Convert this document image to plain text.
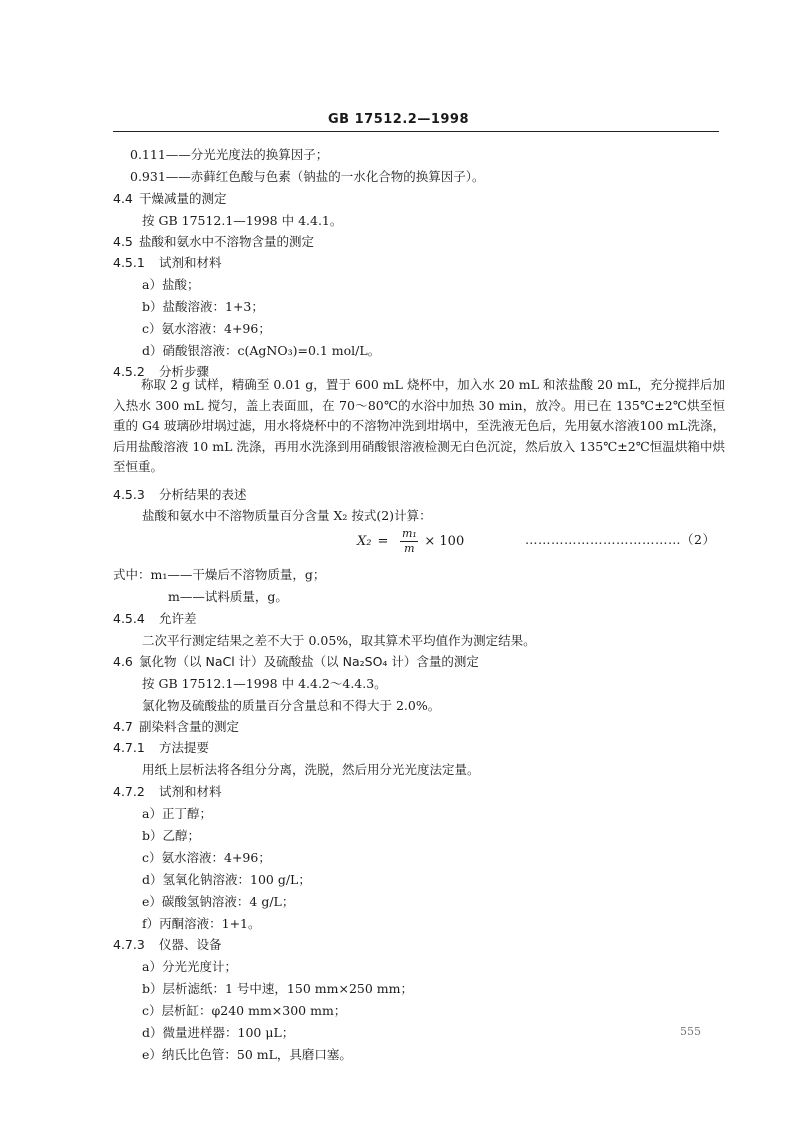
GB 17512.2—1998
0.111——分光光度法的换算因子；
0.931——赤藓红色酸与色素（钠盐的一水化合物的换算因子）。
4.4 干燥减量的测定
按 GB 17512.1—1998 中 4.4.1。
4.5 盐酸和氨水中不溶物含量的测定
4.5.1 试剂和材料
a）盐酸；
b）盐酸溶液：1+3；
c）氨水溶液：4+96；
d）硝酸银溶液：c(AgNO₃)=0.1 mol/L。
4.5.2 分析步骤
4.5.3 分析结果的表述
盐酸和氨水中不溶物质量百分含量 X₂ 按式(2)计算：
式中：m₁——干燥后不溶物质量，g；
m——试料质量，g。
4.5.4 允许差
二次平行测定结果之差不大于 0.05%，取其算术平均值作为测定结果。
4.6 氯化物（以 NaCl 计）及硫酸盐（以 Na₂SO₄ 计）含量的测定
按 GB 17512.1—1998 中 4.4.2～4.4.3。
氯化物及硫酸盐的质量百分含量总和不得大于 2.0%。
4.7 副染料含量的测定
4.7.1 方法提要
用纸上层析法将各组分分离，洗脱，然后用分光光度法定量。
4.7.2 试剂和材料
a）正丁醇；
b）乙醇；
c）氨水溶液：4+96；
d）氢氧化钠溶液：100 g/L；
e）碳酸氢钠溶液：4 g/L；
f）丙酮溶液：1+1。
4.7.3 仪器、设备
a）分光光度计；
b）层析滤纸：1 号中速，150 mm×250 mm；
c）层析缸：φ240 mm×300 mm；
d）微量进样器：100 μL；
e）纳氏比色管：50 mL，具磨口塞。
称取 2 g 试样，精确至 0.01 g，置于 600 mL 烧杯中，加入水 20 mL 和浓盐酸 20 mL，充分搅拌后加入热水 300 mL 搅匀，盖上表面皿，在 70～80℃的水浴中加热 30 min，放冷。用已在 135℃±2℃烘至恒重的 G4 玻璃砂坩埚过滤，用水将烧杯中的不溶物冲洗到坩埚中，至洗液无色后，先用氨水溶液100 mL洗涤，后用盐酸溶液 10 mL 洗涤，再用水洗涤到用硝酸银溶液检测无白色沉淀，然后放入 135℃±2℃恒温烘箱中烘至恒重。
$X_2 = \frac{\text{m₁}}{m} \times 100$	………………………………（2）
555
